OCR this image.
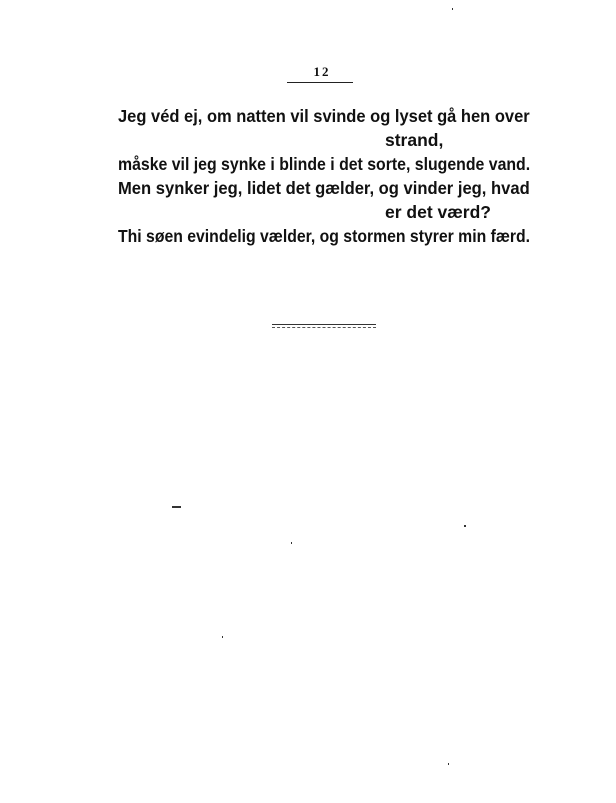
12
Jeg véd ej, om natten vil svinde og lyset gå hen over
strand,
måske vil jeg synke i blinde i det sorte, slugende vand.
Men synker jeg, lidet det gælder, og vinder jeg, hvad
er det værd?
Thi søen evindelig vælder, og stormen styrer min færd.
